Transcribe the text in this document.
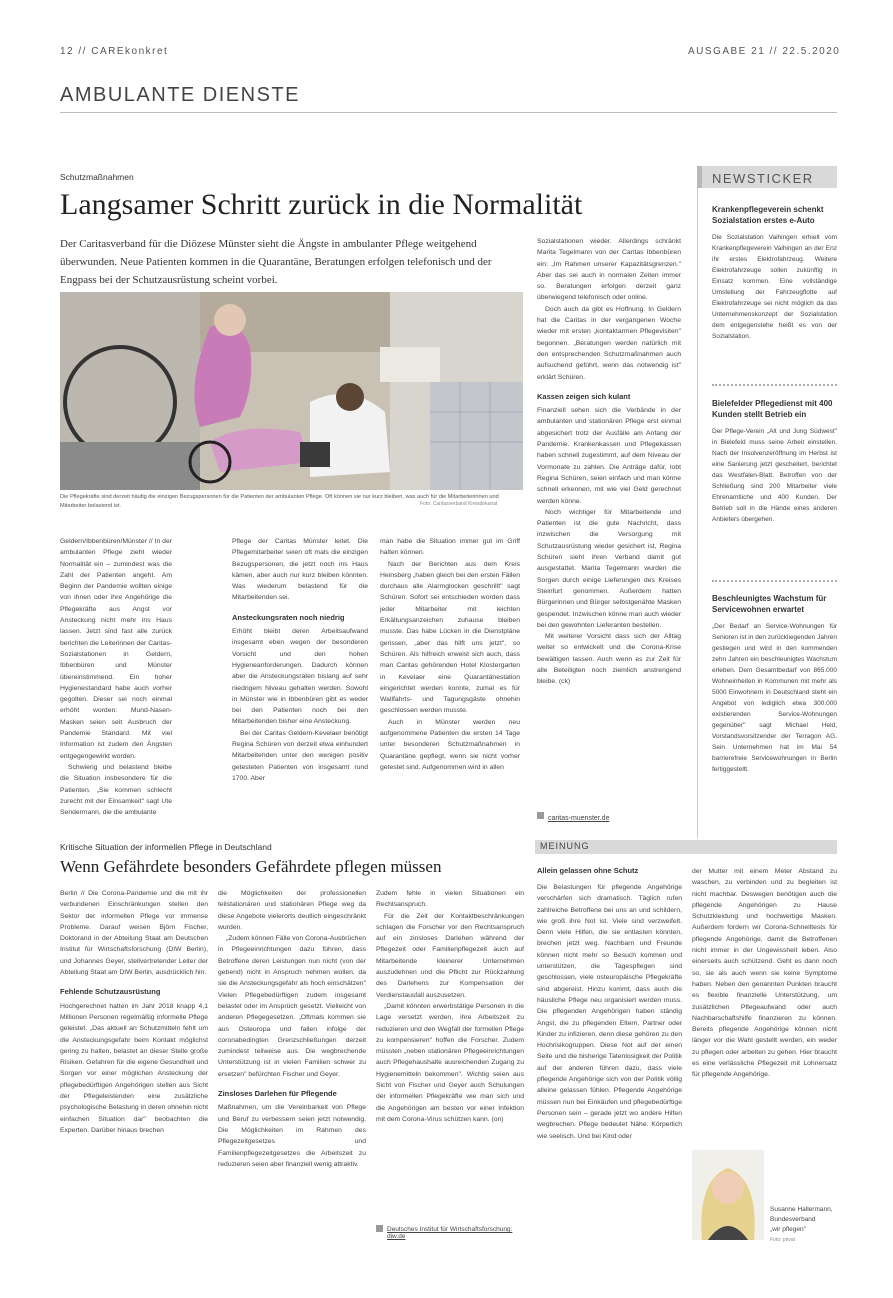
12 // CAREkonkret	AUSGABE 21 // 22.5.2020
AMBULANTE DIENSTE
Schutzmaßnahmen
Langsamer Schritt zurück in die Normalität
Der Caritasverband für die Diözese Münster sieht die Ängste in ambulanter Pflege weitgehend überwunden. Neue Patienten kommen in die Quarantäne, Beratungen erfolgen telefonisch und der Engpass bei der Schutzausrüstung scheint vorbei.
Die Pflegekräfte sind derzeit häufig die einzigen Bezugspersonen für die Patienten der ambulanten Pflege. Oft können sie nur kurz bleiben, was auch für die Mitarbeiterinnen und Mitarbeiter belastend ist.	Foto: Caritasverband Kreisdekanat

Geldern/Ibbenbüren/Münster // In der ambulanten Pflege zieht wieder Normalität ein – zumindest was die Zahl der Patienten angeht. Am Beginn der Pandemie wollten einige von ihnen oder ihre Angehörige die Pflegekräfte aus Angst vor Ansteckung nicht mehr ins Haus lassen. Jetzt sind fast alle zurück berichten die Leiterinnen der Caritas-Sozialstationen in Geldern, Ibbenbüren und Münster übereinstimmend. Ein hoher Hygienestandard habe auch vorher gegolten. Dieser sei noch einmal erhöht worden: Mund-Nasen-Masken seien seit Ausbruch der Pandemie Standard. Mit viel Information ist zudem den Ängsten entgegengewirkt worden.

Schwierig und belastend bleibe die Situation insbesondere für die Patienten. „Sie kommen schlecht zurecht mit der Einsamkeit" sagt Ute Sendermann, die die ambulante

Pflege der Caritas Münster leitet. Die Pflegemitarbeiter seien oft mals die einzigen Bezugspersonen, die jetzt noch ins Haus kämen, aber auch nur kurz bleiben könnten. Was wiederum belastend für die Mitarbeitenden sei.

Ansteckungsraten noch niedrig

Erhöht bleibt deren Arbeitsaufwand insgesamt eben wegen der besonderen Vorsicht und den hohen Hygieneanforderungen. Dadurch können aber die Ansteckungsraten bislang auf sehr niedrigem Niveau gehalten werden. Sowohl in Münster wie in Ibbenbüren gibt es weder bei den Patienten noch bei den Mitarbeitenden bisher eine Ansteckung.

Bei der Caritas Geldern-Kevelaer benötigt Regina Schüren von derzeit etwa einhundert Mitarbeitenden unter den wenigen positiv getesteten Patienten von insgesamt rund 1700. Aber

man habe die Situation immer gut im Griff halten können.

Nach der Berichten aus dem Kreis Heinsberg „haben gleich bei den ersten Fällen durchaus alle Alarmglocken geschrillt" sagt Schüren. Sofort sei entschieden worden dass jeder Mitarbeiter mit leichten Erkältungsanzeichen zuhause bleiben musste. Das habe Lücken in die Dienstpläne gerissen, „aber das hilft uns jetzt", so Schüren. Als hilfreich erweist sich auch, dass man Caritas gehörenden Hotel Klostergarten in Kevelaer eine Quarantänestation eingerichtet werden konnte, zumal es für Wallfahrts- und Tagungsgäste ohnehin geschlossen werden musste.

Auch in Münster werden neu aufgenommene Patienten die ersten 14 Tage unter besonderen Schutzmaßnahmen in Quarantäne gepflegt, wenn sie nicht vorher getestet sind. Aufgenommen wird in allen

Sozialstationen wieder. Allerdings schränkt Marita Tegelmann von der Caritas Ibbenbüren ein: „Im Rahmen unserer Kapazitätsgrenzen." Aber das sei auch in normalen Zeiten immer so. Beratungen erfolgen derzeit ganz überwiegend telefonisch oder online.

Doch auch da gibt es Hoffnung. In Geldern hat die Caritas in der vergangenen Woche wieder mit ersten „kontaktarmen Pflegevisiten" begonnen. „Beratungen werden natürlich mit den entsprechenden Schutzmaßnahmen auch aufsuchend geführt, wenn das notwendig ist" erklärt Schüren.

Kassen zeigen sich kulant

Finanziell sehen sich die Verbände in der ambulanten und stationären Pflege erst einmal abgesichert trotz der Ausfälle am Anfang der Pandemie. Krankenkassen und Pflegekassen haben schnell zugestimmt, auf dem Niveau der Vormonate zu zahlen. Die Anträge dafür, lobt Regina Schüren, seien einfach und man könne schnell erkennen, mit wie viel Geld gerechnet werden könne.

Noch wichtiger für Mitarbeitende und Patienten ist die gute Nachricht, dass inzwischen die Versorgung mit Schutzausrüstung wieder gesichert ist, Regina Schüren sieht ihren Verband damit gut ausgestattet. Marita Tegelmann wurden die Sorgen durch einige Lieferungen des Kreises Steinfurt genommen. Außerdem hatten Bürgerinnen und Bürger selbstgenähte Masken gespendet. Inzwischen könne man auch wieder bei den gewohnten Lieferanten bestellen.

Mit weiterer Vorsicht dass sich der Alltag weiter so entwickelt und die Corona-Krise bewältigen lassen. Auch wenn es zur Zeit für alle Beteiligten noch ziemlich anstrengend bleibe. (ck)

caritas-muenster.de
NEWSTICKER
Krankenpflegeverein schenkt Sozialstation erstes e-Auto
Die Sozialstation Vaihingen erhielt vom Krankenpflegeverein Vaihingen an der Enz ihr erstes Elektrofahrzeug. Weitere Elektrofahrzeuge sollen zukünftig in Einsatz kommen. Eine vollständige Umstellung der Fahrzeugflotte auf Elektrofahrzeuge sei nicht möglich da das Unternehmenskonzept der Sozialstation dem entgegenstehe heißt es von der Sozialstation.
Bielefelder Pflegedienst mit 400 Kunden stellt Betrieb ein
Der Pflege-Verein „Alt und Jung Südwest" in Bielefeld muss seine Arbeit einstellen. Nach der Insolvenzeröffnung im Herbst ist eine Sanierung jetzt gescheitert, berichtet das Westfalen-Blatt. Betroffen von der Schließung sind 200 Mitarbeiter viele Ehrenamtliche und 400 Kunden. Der Betrieb soll in die Hände eines anderen Anbieters übergehen.
Beschleunigtes Wachstum für Servicewohnen erwartet
„Der Bedarf an Service-Wohnungen für Senioren ist in den zurückliegenden Jahren gestiegen und wird in den kommenden zehn Jahren ein beschleunigtes Wachstum erleben. Dem Gesamtbedarf von 865.000 Wohneinheiten in Kommunen mit mehr als 5000 Einwohnern in Deutschland steht ein Angebot von lediglich etwa 300.000 existierenden Service-Wohnungen gegenüber" sagt Michael Held, Vorstandsvorsitzender der Terragon AG. Sein Unternehmen hat im Mai 54 barrierefreie Servicewohnungen in Berlin fertiggestellt.
Kritische Situation der informellen Pflege in Deutschland
Wenn Gefährdete besonders Gefährdete pflegen müssen

Berlin // Die Corona-Pandemie und die mit ihr verbundenen Einschränkungen stellen den Sektor der informellen Pflege vor immense Probleme. Darauf weisen Björn Fischer, Doktorand in der Abteilung Staat am Deutschen Institut für Wirtschaftsforschung (DIW Berlin), und Johannes Geyer, stellvertretender Leiter der Abteilung Staat am DIW Berlin, ausdrücklich hin.

Fehlende Schutzausrüstung

Hochgerechnet hatten im Jahr 2018 knapp 4,1 Millionen Personen regelmäßig informelle Pflege geleistet. „Das aktuell an Schutzmitteln fehlt um die Ansteckungsgefahr beim Kontakt möglichst gering zu halten, belastet an dieser Stelle große Risiken. Gefahren für die eigene Gesundheit und Sorgen vor einer möglichen Ansteckung der pflegebedürftigen Angehörigen stellen aus Sicht der Pflegeleistenden eine zusätzliche psychologische Belastung in deren ohnehin nicht einfachen Situation dar" beobachten die Experten. Darüber hinaus brechen

die Möglichkeiten der professionellen teilstationären und stationären Pflege weg da diese Angebote vielerorts deutlich eingeschränkt wurden.

„Zudem können Fälle von Corona-Ausbrüchen in Pflegeeinrichtungen dazu führen, dass Betroffene deren Leistungen nun nicht (von der gebend) nicht in Anspruch nehmen wollen, da sie die Ansteckungsgefahr als hoch einschätzen" Vielen Pflegebedürftigen zudem insgesamt belastet oder im Ansprüch gesetzt. Vielleicht von anderen Pflegegesetzen. „Oftmals kommen sie aus Osteuropa und fallen infolge der coronabedingten Grenzschließungen derzeit zumindest teilweise aus. Die wegbrechende Unterstützung ist in vielen Familien schwer zu ersetzen" befürchten Fischer und Geyer.

Zinsloses Darlehen für Pflegende

Maßnahmen, um die Vereinbarkeit von Pflege und Beruf zu verbessern seien jetzt notwendig. Die Möglichkeiten im Rahmen des Pflegezeitgesetzes und Familienpflegezeitgesetzes die Arbeitszeit zu reduzieren seien aber finanziell wenig attraktiv.

Zudem fehle in vielen Situationen ein Rechtsanspruch.

Für die Zeit der Kontaktbeschränkungen schlagen die Forscher vor den Rechtsanspruch auf ein zinsloses Darlehen während der Pflegezeit oder Familienpflegezeit auch auf Mitarbeitende kleinerer Unternehmen auszudehnen und die Pflicht zur Rückzahlung des Darlehens zur Kompensation der Verdienstausfall auszusetzen.

„Damit könnten erwerbstätige Personen in die Lage versetzt werden, ihre Arbeitszeit zu reduzieren und den Wegfall der formellen Pflege zu kompensieren" hoffen die Forscher. Zudem müssten „neben stationären Pflegeeinrichtungen auch Pflegehaushalte ausreichenden Zugang zu Hygienemitteln bekommen". Wichtig seien aus Sicht von Fischer und Geyer auch Schulungen der informellen Pflegekräfte wie man sich und die Angehörigen am besten vor einer Infektion mit dem Corona-Virus schützen kann. (on)

Deutsches Institut für Wirtschaftsforschung: diw.de
MEINUNG
Allein gelassen ohne Schutz

Die Belastungen für pflegende Angehörige verschärfen sich dramatisch. Täglich rufen zahlreiche Betroffene bei uns an und schildern, wie groß ihre Not ist. Viele sind verzweifelt. Denn viele Hilfen, die sie entlasten könnten, brechen jetzt weg. Nachbarn und Freunde können nicht mehr so Besuch kommen und unterstützen, die Tagespflegen sind geschlossen, viele osteuropäische Pflegekräfte sind abgereist. Hinzu kommt, dass auch die häusliche Pflege neu organisiert werden muss. Die pflegenden Angehörigen haben ständig Angst, die zu pflegenden Eltern, Partner oder Kinder zu infizieren, denn diese gehören zu den Hochrisikogruppen. Diese Not auf der einen Seite und die bisherige Tatenlosigkeit der Politik auf der anderen führen dazu, dass viele pflegende Angehörige sich von der Politik völlig alleine gelassen fühlen. Pflegende Angehörige müssen nun bei Einkäufen und pflegebedürftige Personen sein – gerade jetzt wo andere Hilfen wegbrechen. Pflege bedeutet Nähe. Körperlich wie seelisch. Und bei Kind oder

der Mutter mit einem Meter Abstand zu waschen, zu verbinden und zu begleiten ist nicht machbar. Deswegen benötigen auch die pflegende Angehörigen zu Hause Schutzkleidung und hochwertige Masken. Außerdem fordern wir Corona-Schnelltests für pflegende Angehörige, damit die Betroffenen nicht immer in der Ungewissheit leben. Also einerseits auch schützend. Geht es dann noch so, sie als auch wenn sie keine Symptome haben. Neben den genannten Punkten braucht es flexible finanzielle Unterstützung, um zusätzlichen Pflegeaufwand oder auch Nachbarschaftshilfe finanzieren zu können. Bereits pflegende Angehörige können nicht länger vor die Wahl gestellt werden, ein weder zu pflegen oder arbeiten zu gehen. Hier braucht es eine verlässliche Pflegezeit mit Lohnersatz für pflegende Angehörige.

Susanne Hallermann,
Bundesverband
„wir pflegen"
Foto: privat
